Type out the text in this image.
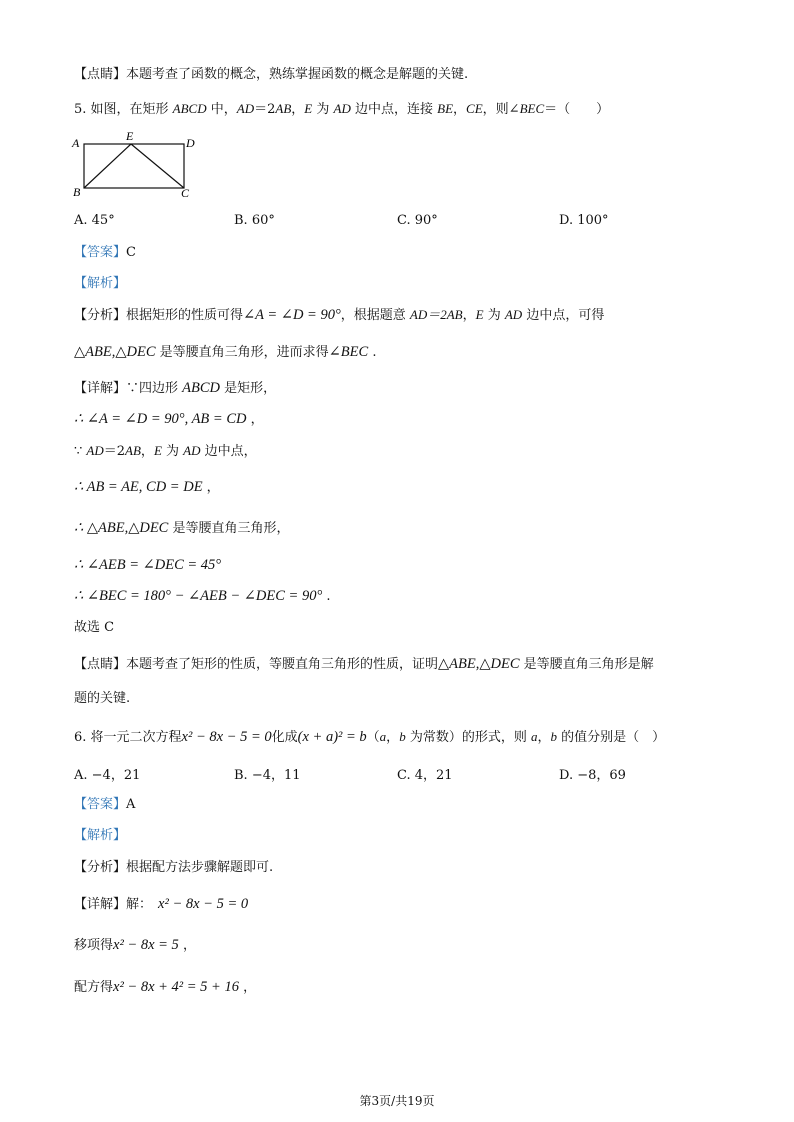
【点睛】本题考查了函数的概念，熟练掌握函数的概念是解题的关键.
5. 如图，在矩形 ABCD 中，AD＝2AB，E 为 AD 边中点，连接 BE，CE，则∠BEC＝（　　）
A	E	D
B	C
A. 45°	B. 60°	C. 90°	D. 100°
【答案】C
【解析】
【分析】根据矩形的性质可得∠A = ∠D = 90°，根据题意 AD＝2AB，E 为 AD 边中点，可得
△ABE,△DEC 是等腰直角三角形，进而求得∠BEC .
【详解】∵四边形 ABCD 是矩形，
∴ ∠A = ∠D = 90°, AB = CD ，
∵ AD＝2AB，E 为 AD 边中点，
∴ AB = AE, CD = DE ，
∴ △ABE,△DEC 是等腰直角三角形，
∴ ∠AEB = ∠DEC = 45°
∴ ∠BEC = 180° − ∠AEB − ∠DEC = 90° .
故选 C
【点睛】本题考查了矩形的性质，等腰直角三角形的性质，证明△ABE,△DEC 是等腰直角三角形是解
题的关键.
6. 将一元二次方程x² − 8x − 5 = 0化成(x + a)² = b（a，b 为常数）的形式，则 a，b 的值分别是（　）
A. −4，21	B. −4，11	C. 4，21	D. −8，69
【答案】A
【解析】
【分析】根据配方法步骤解题即可.
【详解】解： x² − 8x − 5 = 0
移项得x² − 8x = 5 ，
配方得x² − 8x + 4² = 5 + 16 ，
第3页/共19页
